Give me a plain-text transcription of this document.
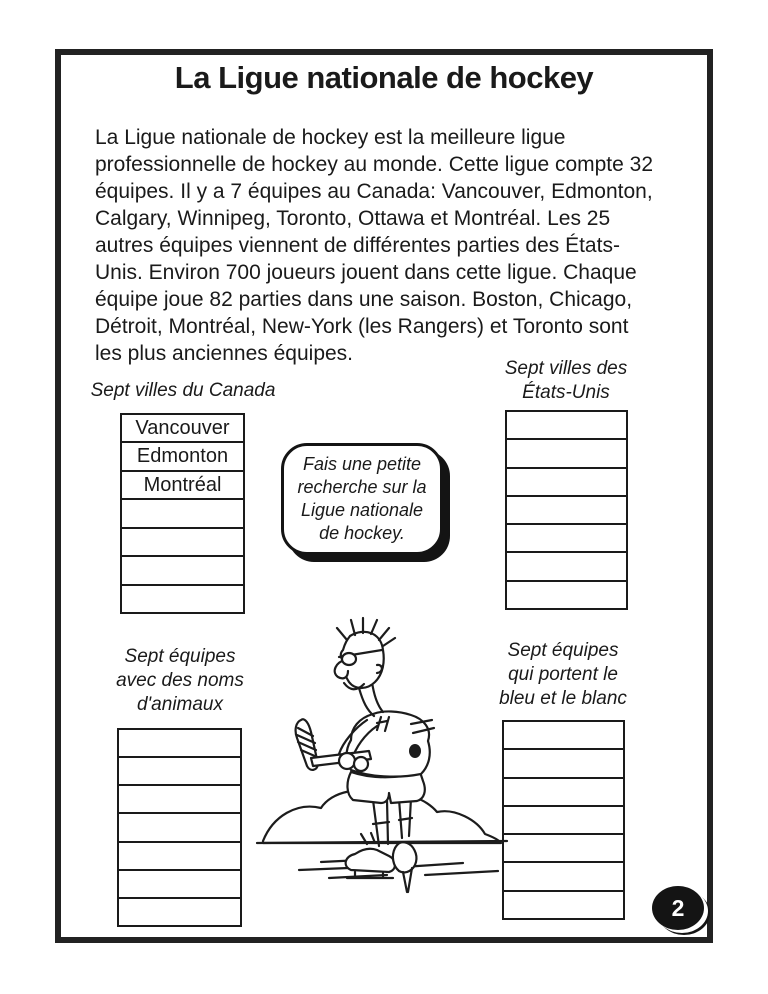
La Ligue nationale de hockey
La Ligue nationale de hockey est la meilleure ligue
professionnelle de hockey au monde. Cette ligue compte 32
équipes. Il y a 7 équipes au Canada: Vancouver, Edmonton,
Calgary, Winnipeg, Toronto, Ottawa et Montréal. Les 25
autres équipes viennent de différentes parties des États-
Unis. Environ 700 joueurs jouent dans cette ligue. Chaque
équipe joue 82 parties dans une saison. Boston, Chicago,
Détroit, Montréal, New-York (les Rangers) et Toronto sont
les plus anciennes équipes.
Sept villes du Canada
Vancouver
Edmonton
Montréal
Sept villes des
États-Unis
Fais une petite
recherche sur la
Ligue nationale
de hockey.
Sept équipes
avec des noms
d'animaux
Sept équipes
qui portent le
bleu et le blanc
2
